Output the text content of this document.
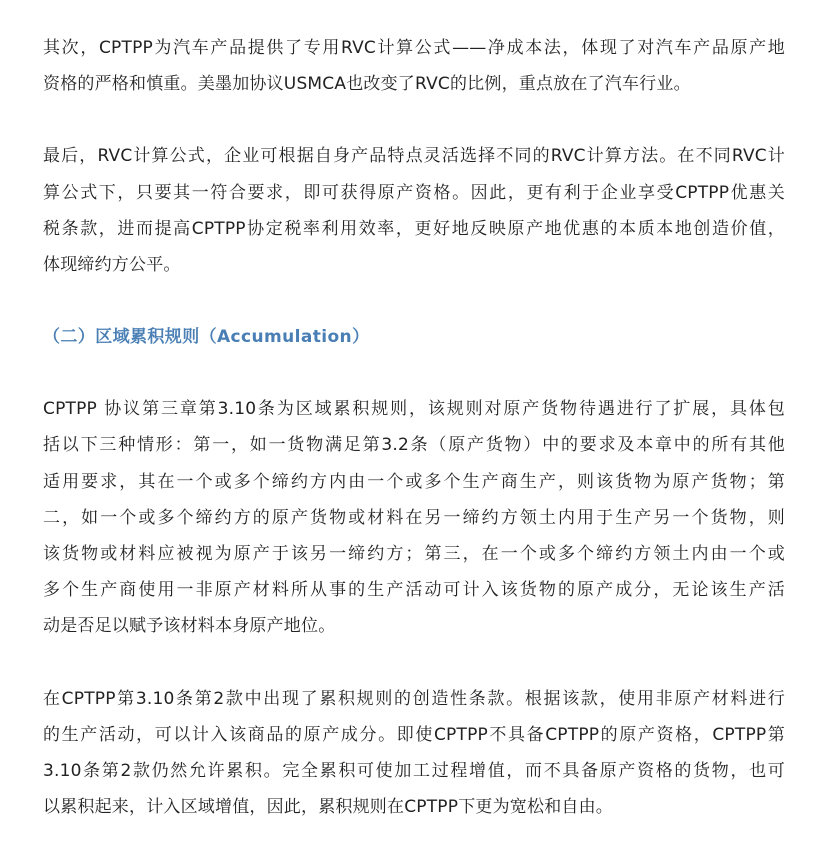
其次，CPTPP为汽车产品提供了专用RVC计算公式——净成本法，体现了对汽车产品原产地
资格的严格和慎重。美墨加协议USMCA也改变了RVC的比例，重点放在了汽车行业。

最后，RVC计算公式，企业可根据自身产品特点灵活选择不同的RVC计算方法。在不同RVC计
算公式下，只要其一符合要求，即可获得原产资格。因此，更有利于企业享受CPTPP优惠关
税条款，进而提高CPTPP协定税率利用效率，更好地反映原产地优惠的本质本地创造价值，
体现缔约方公平。

（二）区域累积规则（Accumulation）

CPTPP 协议第三章第3.10条为区域累积规则，该规则对原产货物待遇进行了扩展，具体包
括以下三种情形：第一，如一货物满足第3.2条（原产货物）中的要求及本章中的所有其他
适用要求，其在一个或多个缔约方内由一个或多个生产商生产，则该货物为原产货物；第
二，如一个或多个缔约方的原产货物或材料在另一缔约方领土内用于生产另一个货物，则
该货物或材料应被视为原产于该另一缔约方；第三，在一个或多个缔约方领土内由一个或
多个生产商使用一非原产材料所从事的生产活动可计入该货物的原产成分，无论该生产活
动是否足以赋予该材料本身原产地位。

在CPTPP第3.10条第2款中出现了累积规则的创造性条款。根据该款，使用非原产材料进行
的生产活动，可以计入该商品的原产成分。即使CPTPP不具备CPTPP的原产资格，CPTPP第
3.10条第2款仍然允许累积。完全累积可使加工过程增值，而不具备原产资格的货物，也可
以累积起来，计入区域增值，因此，累积规则在CPTPP下更为宽松和自由。
